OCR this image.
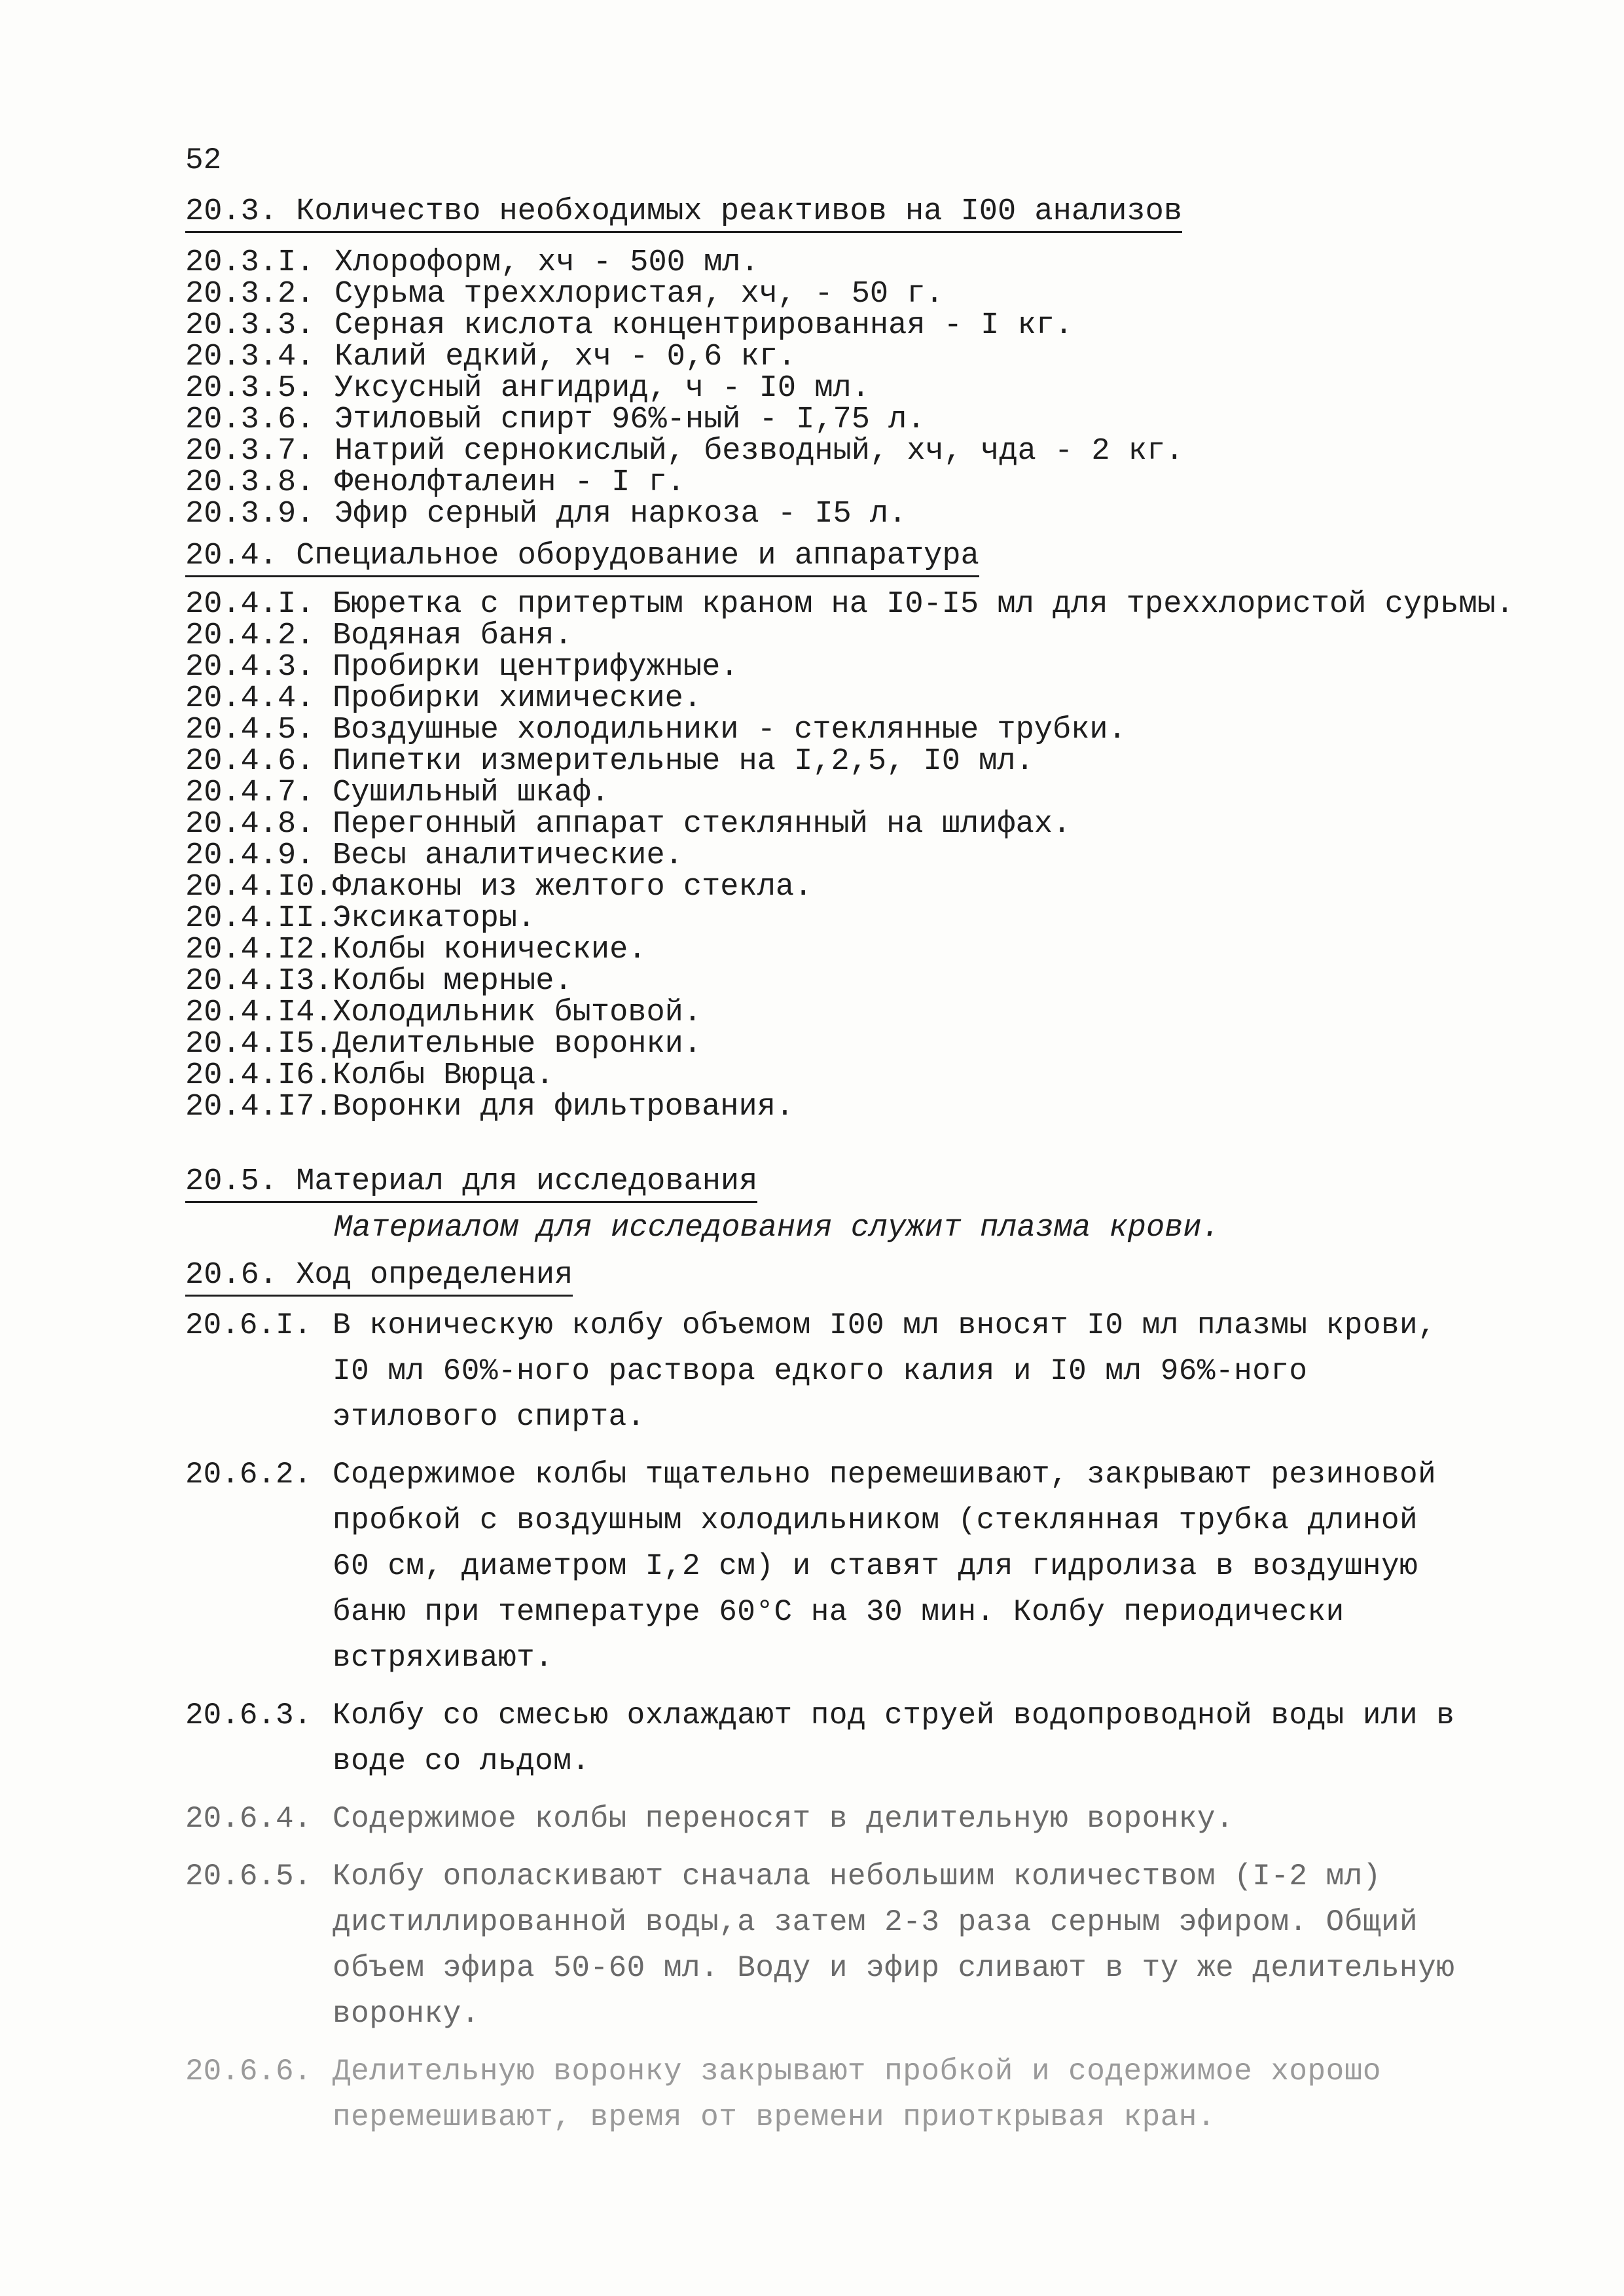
52
20.3. Количество необходимых реактивов на I00 анализов
20.3.I. Хлороформ, хч - 500 мл.
20.3.2. Сурьма треххлористая, хч, - 50 г.
20.3.3. Серная кислота концентрированная - I кг.
20.3.4. Калий едкий, хч - 0,6 кг.
20.3.5. Уксусный ангидрид, ч - I0 мл.
20.3.6. Этиловый спирт 96%-ный - I,75 л.
20.3.7. Натрий сернокислый, безводный, хч, чда - 2 кг.
20.3.8. Фенолфталеин - I г.
20.3.9. Эфир серный для наркоза - I5 л.
20.4. Специальное оборудование и аппаратура
20.4.I. Бюретка с притертым краном на I0-I5 мл для треххлористой сурьмы.
20.4.2. Водяная баня.
20.4.3. Пробирки центрифужные.
20.4.4. Пробирки химические.
20.4.5. Воздушные холодильники - стеклянные трубки.
20.4.6. Пипетки измерительные на I,2,5, I0 мл.
20.4.7. Сушильный шкаф.
20.4.8. Перегонный аппарат стеклянный на шлифах.
20.4.9. Весы аналитические.
20.4.I0. Флаконы из желтого стекла.
20.4.II. Эксикаторы.
20.4.I2. Колбы конические.
20.4.I3. Колбы мерные.
20.4.I4. Холодильник бытовой.
20.4.I5. Делительные воронки.
20.4.I6. Колбы Вюрца.
20.4.I7. Воронки для фильтрования.
20.5. Материал для исследования
Материалом для исследования служит плазма крови.
20.6. Ход определения
20.6.I. В коническую колбу объемом I00 мл вносят I0 мл плазмы крови, I0 мл 60%-ного раствора едкого калия и I0 мл 96%-ного этилового спирта.
20.6.2. Содержимое колбы тщательно перемешивают, закрывают резиновой пробкой с воздушным холодильником (стеклянная трубка длиной 60 см, диаметром I,2 см) и ставят для гидролиза в воздушную баню при температуре 60°С на 30 мин. Колбу периодически встряхивают.
20.6.3. Колбу со смесью охлаждают под струей водопроводной воды или в воде со льдом.
20.6.4. Содержимое колбы переносят в делительную воронку.
20.6.5. Колбу ополаскивают сначала небольшим количеством (I-2 мл) дистиллированной воды,а затем 2-3 раза серным эфиром. Общий объем эфира 50-60 мл. Воду и эфир сливают в ту же делительную воронку.
20.6.6. Делительную воронку закрывают пробкой и содержимое хорошо перемешивают, время от времени приоткрывая кран.
